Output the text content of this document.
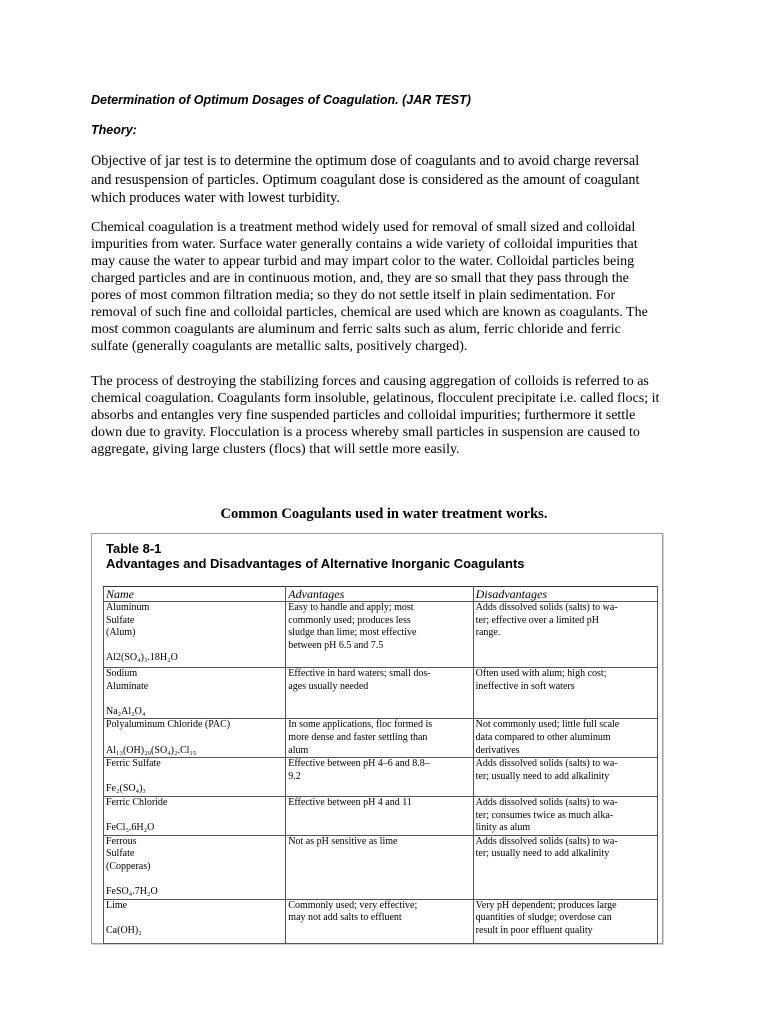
Determination of Optimum Dosages of Coagulation. (JAR TEST)
Theory:

Objective of jar test is to determine the optimum dose of coagulants and to avoid charge reversal
and resuspension of particles. Optimum coagulant dose is considered as the amount of coagulant
which produces water with lowest turbidity.

Chemical coagulation is a treatment method widely used for removal of small sized and colloidal
impurities from water. Surface water generally contains a wide variety of colloidal impurities that
may cause the water to appear turbid and may impart color to the water. Colloidal particles being
charged particles and are in continuous motion, and, they are so small that they pass through the
pores of most common filtration media; so they do not settle itself in plain sedimentation. For
removal of such fine and colloidal particles, chemical are used which are known as coagulants. The
most common coagulants are aluminum and ferric salts such as alum, ferric chloride and ferric
sulfate (generally coagulants are metallic salts, positively charged).

The process of destroying the stabilizing forces and causing aggregation of colloids is referred to as
chemical coagulation. Coagulants form insoluble, gelatinous, flocculent precipitate i.e. called flocs; it
absorbs and entangles very fine suspended particles and colloidal impurities; furthermore it settle
down due to gravity. Flocculation is a process whereby small particles in suspension are caused to
aggregate, giving large clusters (flocs) that will settle more easily.

Common Coagulants used in water treatment works.
Table 8-1
Advantages and Disadvantages of Alternative Inorganic Coagulants
Name	Advantages	Disadvantages

Aluminum
Sulfate
(Alum)
Al2(SO₄)₃.18H₂O	Easy to handle and apply; most
commonly used; produces less
sludge than lime; most effective
between pH 6.5 and 7.5	Adds dissolved solids (salts) to wa-
ter; effective over a limited pH
range.

Sodium
Aluminate
Na₂Al₂O₄	Effective in hard waters; small dos-
ages usually needed	Often used with alum; high cost;
ineffective in soft waters

Polyaluminum Chloride (PAC)
Al₁₃(OH)₂₀(SO₄)₂.Cl₁₅	In some applications, floc formed is
more dense and faster settling than
alum	Not commonly used; little full scale
data compared to other aluminum
derivatives

Ferric Sulfate
Fe₂(SO₄)₃	Effective between pH 4–6 and 8.8–
9.2	Adds dissolved solids (salts) to wa-
ter; usually need to add alkalinity

Ferric Chloride
FeCl₃.6H₂O	Effective between pH 4 and 11	Adds dissolved solids (salts) to wa-
ter; consumes twice as much alka-
linity as alum

Ferrous
Sulfate
(Copperas)
FeSO₄.7H₂O	Not as pH sensitive as lime	Adds dissolved solids (salts) to wa-
ter; usually need to add alkalinity

Lime
Ca(OH)₂	Commonly used; very effective;
may not add salts to effluent	Very pH dependent; produces large
quantities of sludge; overdose can
result in poor effluent quality
